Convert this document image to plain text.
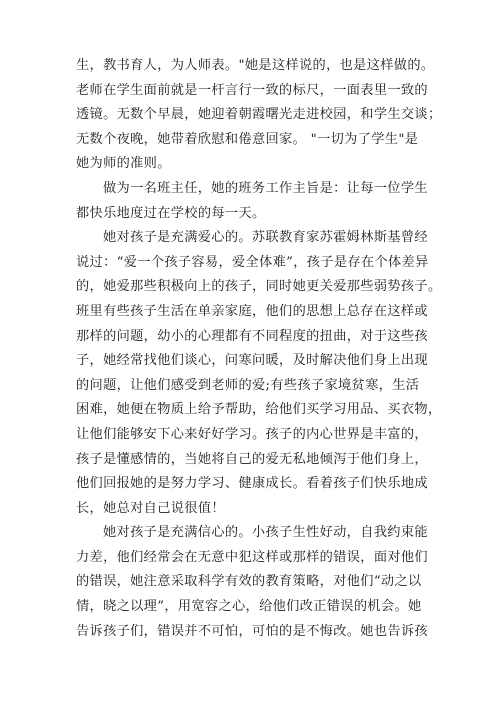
生，教书育人，为人师表。"她是这样说的，也是这样做的。
老师在学生面前就是一杆言行一致的标尺，一面表里一致的
透镜。无数个早晨，她迎着朝霞曙光走进校园，和学生交谈；
无数个夜晚，她带着欣慰和倦意回家。 "一切为了学生"是
她为师的准则。
做为一名班主任，她的班务工作主旨是：让每一位学生
都快乐地度过在学校的每一天。
她对孩子是充满爱心的。苏联教育家苏霍姆林斯基曾经
说过：“爱一个孩子容易，爱全体难”，孩子是存在个体差异
的，她爱那些积极向上的孩子，同时她更关爱那些弱势孩子。
班里有些孩子生活在单亲家庭，他们的思想上总存在这样或
那样的问题，幼小的心理都有不同程度的扭曲，对于这些孩
子，她经常找他们谈心，问寒问暖，及时解决他们身上出现
的问题，让他们感受到老师的爱;有些孩子家境贫寒，生活
困难，她便在物质上给予帮助，给他们买学习用品、买衣物，
让他们能够安下心来好好学习。孩子的内心世界是丰富的，
孩子是懂感情的，当她将自己的爱无私地倾泻于他们身上，
他们回报她的是努力学习、健康成长。看着孩子们快乐地成
长，她总对自己说很值！
她对孩子是充满信心的。小孩子生性好动，自我约束能
力差，他们经常会在无意中犯这样或那样的错误，面对他们
的错误，她注意采取科学有效的教育策略，对他们“动之以
情，晓之以理”，用宽容之心，给他们改正错误的机会。她
告诉孩子们，错误并不可怕，可怕的是不悔改。她也告诉孩
